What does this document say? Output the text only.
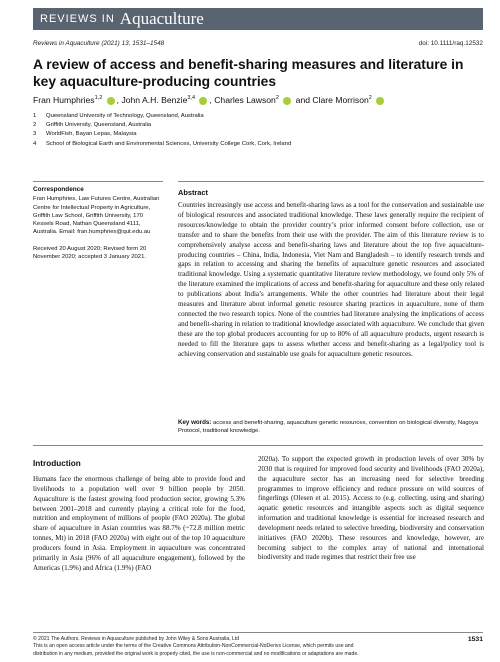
REVIEWS IN Aquaculture
Reviews in Aquaculture (2021) 13, 1531–1548	doi: 10.1111/raq.12532
A review of access and benefit-sharing measures and literature in key aquaculture-producing countries
Fran Humphries$^{1,2}$ , John A.H. Benzie$^{3,4}$ , Charles Lawson$^2$  and Clare Morrison$^2$
1	Queensland University of Technology, Queensland, Australia
2	Griffith University, Queensland, Australia
3	WorldFish, Bayan Lepas, Malaysia
4	School of Biological Earth and Environmental Sciences, University College Cork, Cork, Ireland
Correspondence
Fran Humphries, Law Futures Centre, Australian Centre for Intellectual Property in Agriculture, Griffith Law School, Griffith University, 170 Kessels Road, Nathan Queensland 4111, Australia. Email: fran.humphries@qut.edu.au
Received 20 August 2020; Revised form 20 November 2020; accepted 3 January 2021.
Abstract
Countries increasingly use access and benefit-sharing laws as a tool for the conservation and sustainable use of biological resources and associated traditional knowledge. These laws generally require the recipient of resources/knowledge to obtain the provider country’s prior informed consent before collection, use or transfer and to share the benefits from their use with the provider. The aim of this literature review is to comprehensively analyse access and benefit-sharing laws and literature about the top five aquaculture-producing countries – China, India, Indonesia, Viet Nam and Bangladesh – to identify research trends and gaps in relation to accessing and sharing the benefits of aquaculture genetic resources and associated traditional knowledge. Using a systematic quantitative literature review methodology, we found only 5% of the literature examined the implications of access and benefit-sharing for aquaculture and these only related to publications about India’s arrangements. While the other countries had literature about their legal measures and literature about informal genetic resource sharing practices in aquaculture, none of them connected the two research topics. None of the countries had literature analysing the implications of access and benefit-sharing in relation to traditional knowledge associated with aquaculture. We conclude that given these are the top global producers accounting for up to 80% of all aquaculture products, urgent research is needed to fill the literature gaps to assess whether access and benefit-sharing as a legal/policy tool is achieving conservation and sustainable use goals for aquaculture genetic resources.
Key words: access and benefit-sharing, aquaculture genetic resources, convention on biological diversity, Nagoya Protocol, traditional knowledge.
Introduction
Humans face the enormous challenge of being able to provide food and livelihoods to a population well over 9 billion people by 2050. Aquaculture is the fastest growing food production sector, growing 5.3% between 2001–2018 and currently playing a critical role for the food, nutrition and employment of millions of people (FAO 2020a). The global share of aquaculture in Asian countries was 88.7% (~72.8 million metric tonnes, Mt) in 2018 (FAO 2020a) with eight out of the top 10 aquaculture producers found in Asia. Employment in aquaculture was concentrated primarily in Asia (96% of all aquaculture engagement), followed by the Americas (1.9%) and Africa (1.9%) (FAO
2020a). To support the expected growth in production levels of over 30% by 2030 that is required for improved food security and livelihoods (FAO 2020a), the aquaculture sector has an increasing need for selective breeding programmes to improve efficiency and reduce pressure on wild sources of fingerlings (Olesen et al. 2015). Access to (e.g. collecting, using and sharing) aquatic genetic resources and intangible aspects such as digital sequence information and traditional knowledge is essential for increased research and development needs related to selective breeding, biodiversity and conservation initiatives (FAO 2020b). These resources and knowledge, however, are becoming subject to the complex array of national and international biodiversity and trade regimes that restrict their free use
© 2021 The Authors. Reviews in Aquaculture published by John Wiley & Sons Australia, Ltd
This is an open access article under the terms of the Creative Commons Attribution-NonCommercial-NoDerivs License, which permits use and
distribution in any medium, provided the original work is properly cited, the use is non-commercial and no modifications or adaptations are made.
1531
